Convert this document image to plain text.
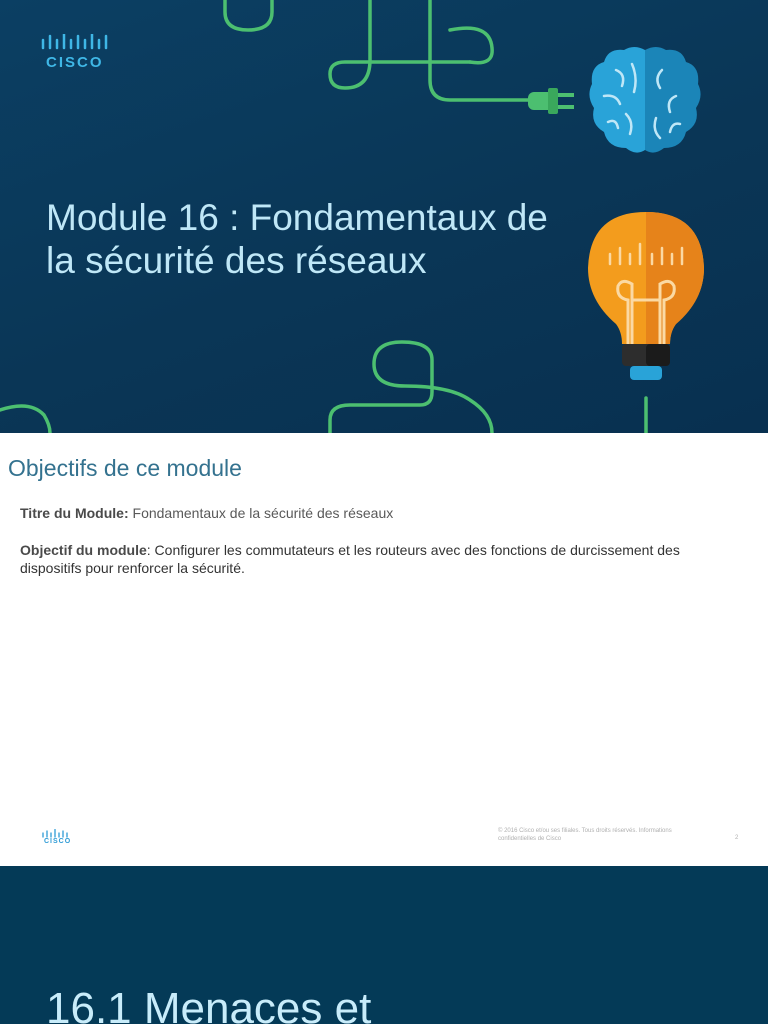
CISCO
Module 16 : Fondamentaux de la sécurité des réseaux
Objectifs de ce module
Titre du Module: Fondamentaux de la sécurité des réseaux
Objectif du module: Configurer les commutateurs et les routeurs avec des fonctions de durcissement des dispositifs pour renforcer la sécurité.
CISCO
© 2016 Cisco et/ou ses filiales. Tous droits réservés. Informations confidentielles de Cisco	2
16.1 Menaces et
